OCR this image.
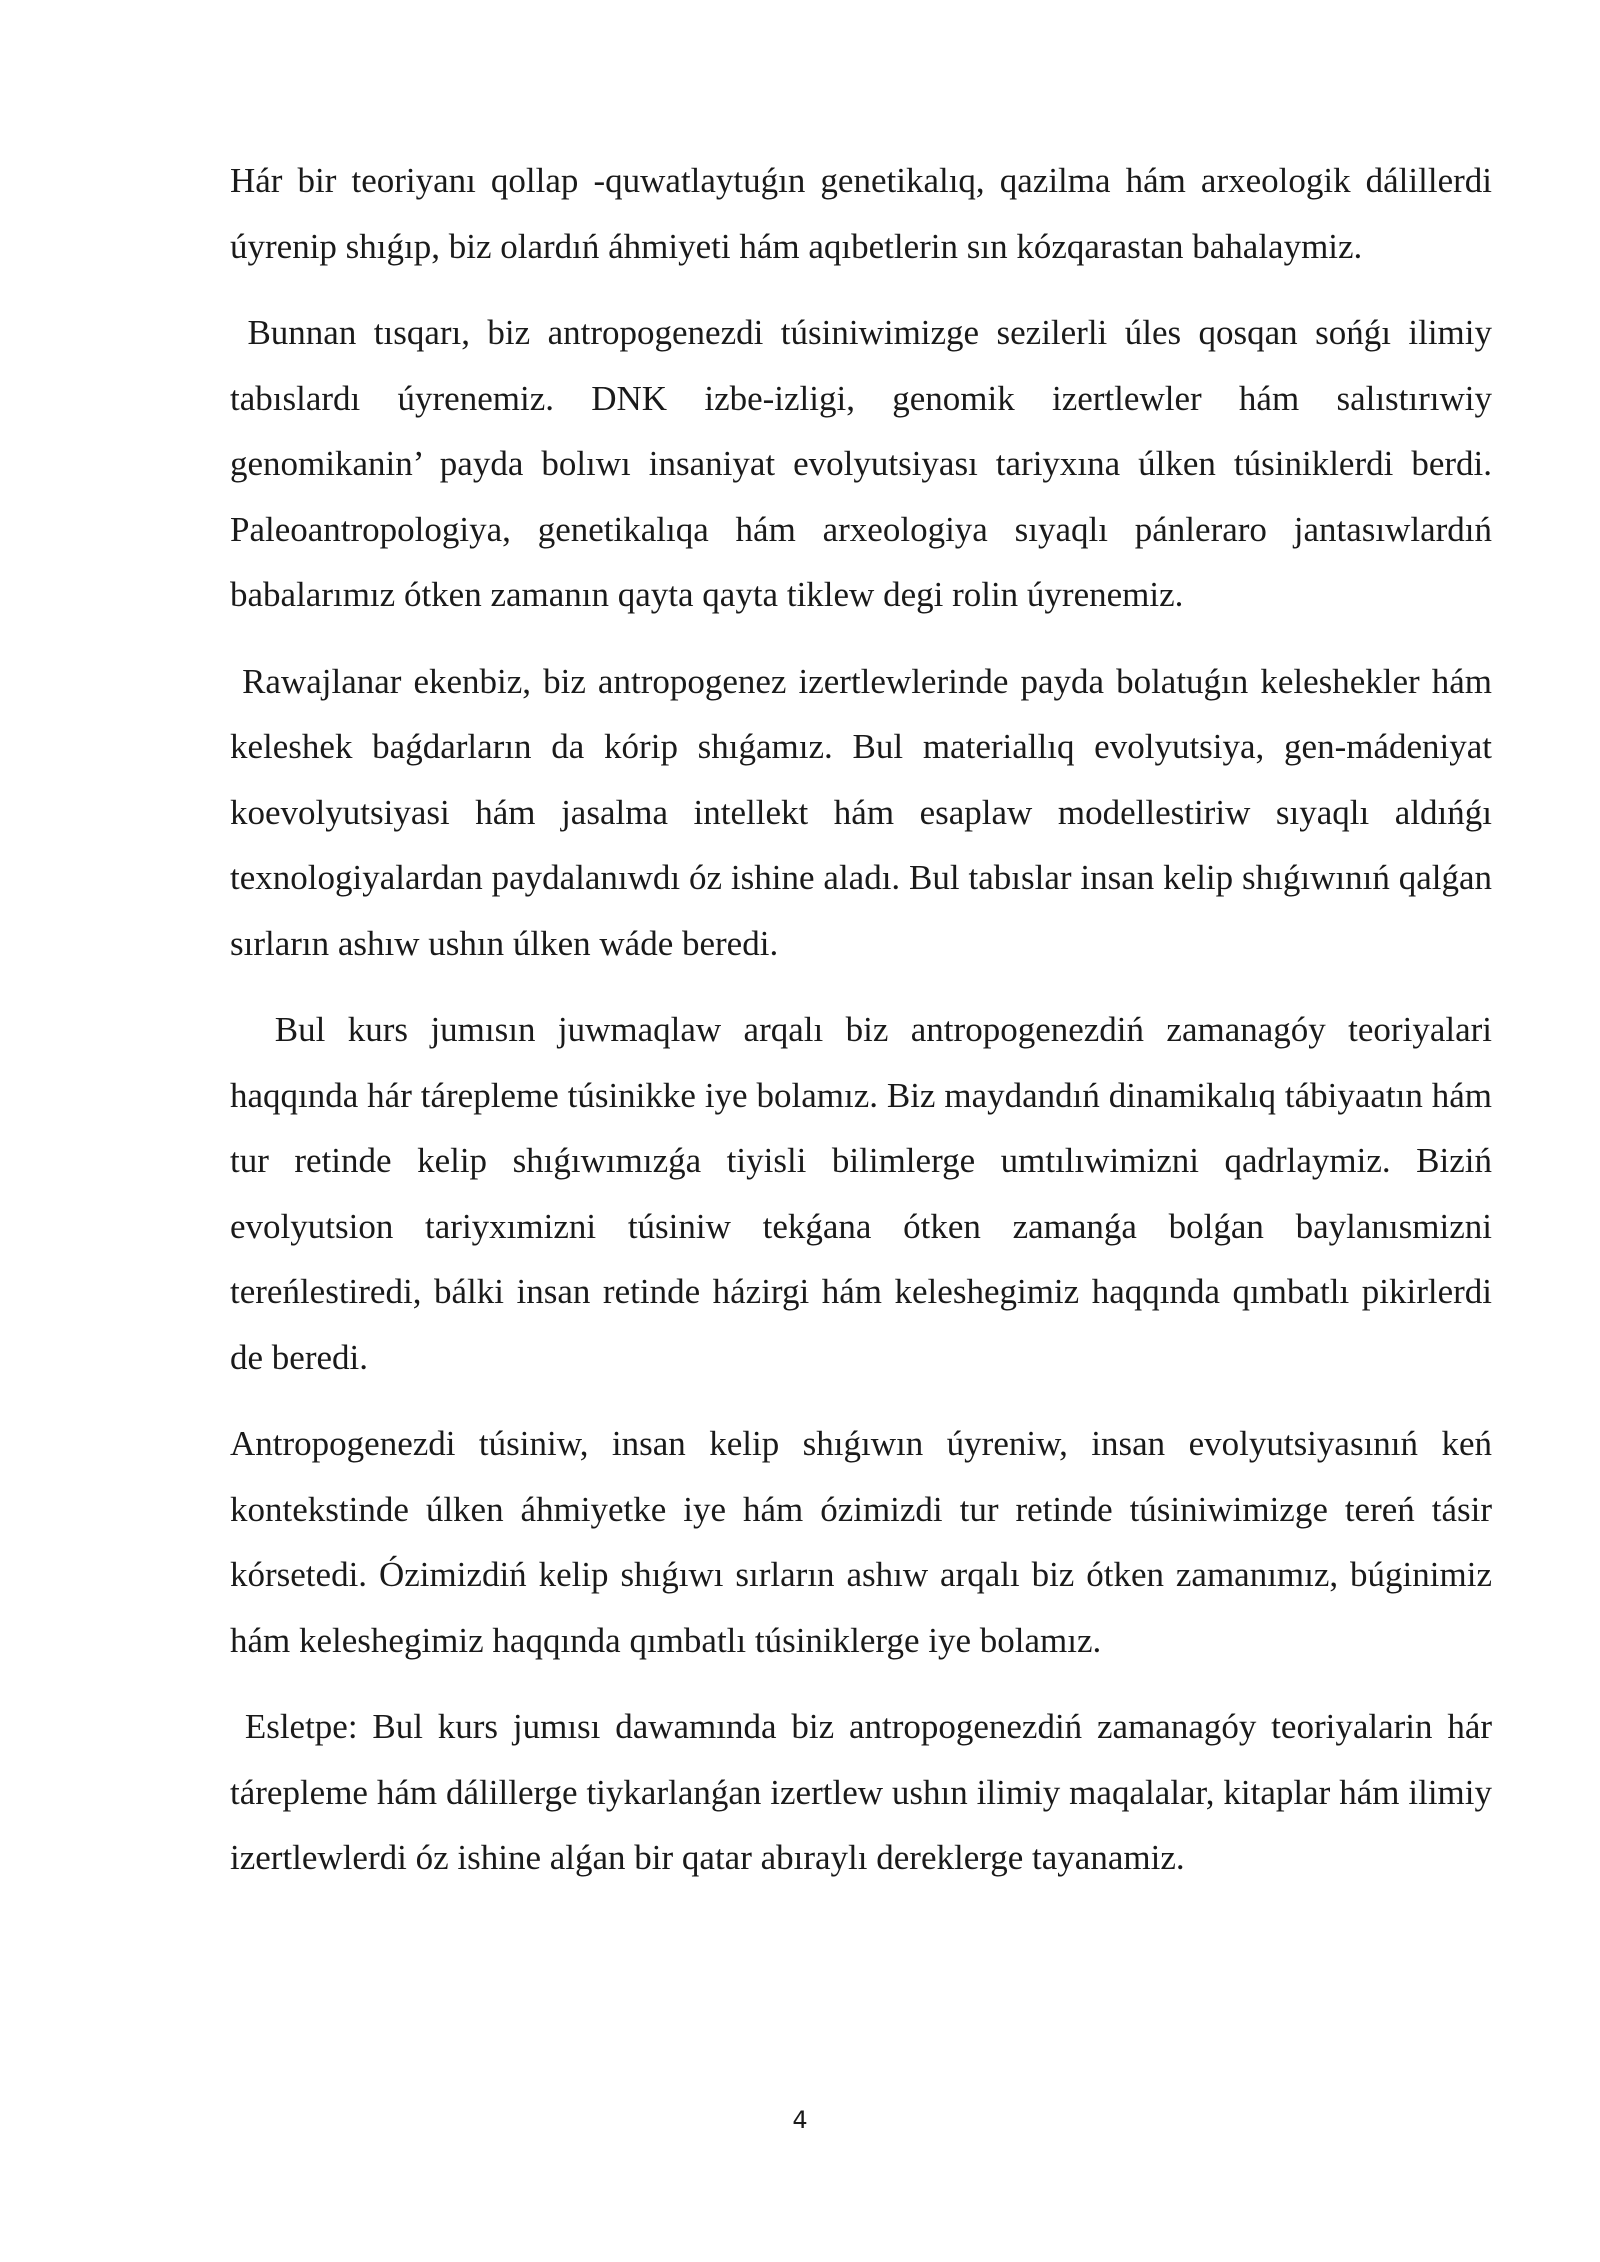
Hár bir teoriyanı qollap -quwatlaytuǵın genetikalıq, qazilma hám arxeologik dálillerdi úyrenip shıǵıp, biz olardıń áhmiyeti hám aqıbetlerin sın kózqarastan bahalaymiz.

Bunnan tısqarı, biz antropogenezdi túsiniwimizge sezilerli úles qosqan sońǵı ilimiy tabıslardı úyrenemiz. DNK izbe-izligi, genomik izertlewler hám salıstırıwiy genomikanin’ payda bolıwı insaniyat evolyutsiyası tariyxına úlken túsiniklerdi berdi. Paleoantropologiya, genetikalıqa hám arxeologiya sıyaqlı pánleraro jantasıwlardıń babalarımız ótken zamanın qayta qayta tiklew degi rolin úyrenemiz.

Rawajlanar ekenbiz, biz antropogenez izertlewlerinde payda bolatuǵın keleshekler hám keleshek baǵdarların da kórip shıǵamız. Bul materiallıq evolyutsiya, gen-mádeniyat koevolyutsiyasi hám jasalma intellekt hám esaplaw modellestiriw sıyaqlı aldıńǵı texnologiyalardan paydalanıwdı óz ishine aladı. Bul tabıslar insan kelip shıǵıwınıń qalǵan sırların ashıw ushın úlken wáde beredi.

Bul kurs jumısın juwmaqlaw arqalı biz antropogenezdiń zamanagóy teoriyalari haqqında hár tárepleme túsinikke iye bolamız. Biz maydandıń dinamikalıq tábiyaatın hám tur retinde kelip shıǵıwımızǵa tiyisli bilimlerge umtılıwimizni qadrlaymiz. Biziń evolyutsion tariyxımizni túsiniw tekǵana ótken zamanǵa bolǵan baylanısmizni tereńlestiredi, bálki insan retinde házirgi hám keleshegimiz haqqında qımbatlı pikirlerdi de beredi.

Antropogenezdi túsiniw, insan kelip shıǵıwın úyreniw, insan evolyutsiyasınıń keń kontekstinde úlken áhmiyetke iye hám ózimizdi tur retinde túsiniwimizge tereń tásir kórsetedi. Ózimizdiń kelip shıǵıwı sırların ashıw arqalı biz ótken zamanımız, búginimiz hám keleshegimiz haqqında qımbatlı túsiniklerge iye bolamız.

Esletpe: Bul kurs jumısı dawamında biz antropogenezdiń zamanagóy teoriyalarin hár tárepleme hám dálillerge tiykarlanǵan izertlew ushın ilimiy maqalalar, kitaplar hám ilimiy izertlewlerdi óz ishine alǵan bir qatar abıraylı dereklerge tayanamiz.

4
